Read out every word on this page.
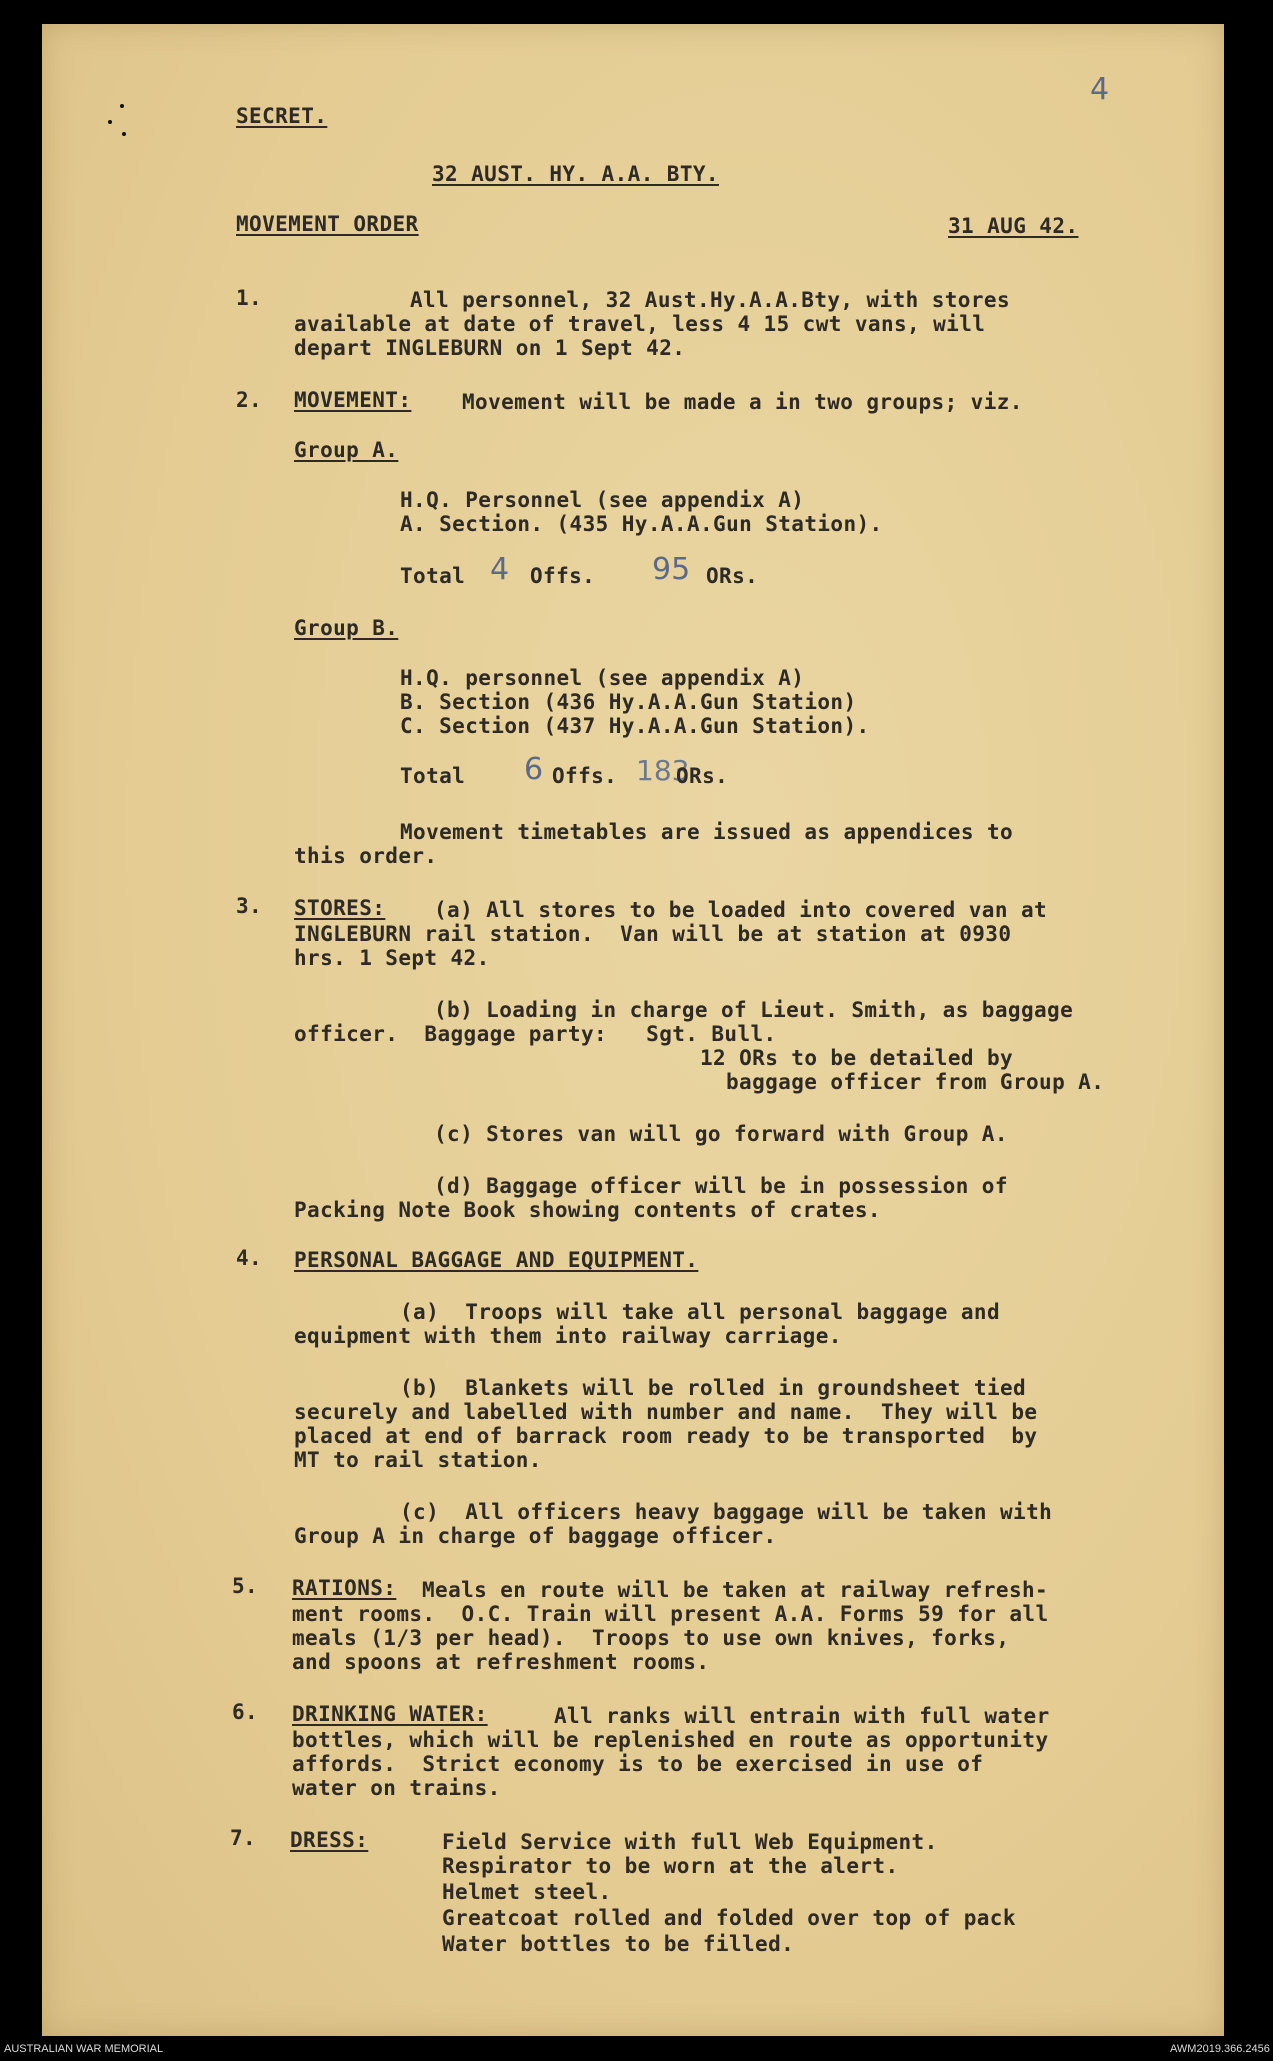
4
SECRET.
32 AUST. HY. A.A. BTY.
MOVEMENT ORDER	31 AUG 42.
1.	All personnel, 32 Aust.Hy.A.A.Bty, with stores
available at date of travel, less 4 15 cwt vans, will
depart INGLEBURN on 1 Sept 42.
2. MOVEMENT: Movement will be made a in two groups; viz.
Group A.
H.Q. Personnel (see appendix A)
A. Section. (435 Hy.A.A.Gun Station).
Total 4 Offs. 95 ORs.
Group B.
H.Q. personnel (see appendix A)
B. Section (436 Hy.A.A.Gun Station)
C. Section (437 Hy.A.A.Gun Station).
Total 6 Offs. 183
ORs.
Movement timetables are issued as appendices to
this order.
3. STORES: (a) All stores to be loaded into covered van at
INGLEBURN rail station.  Van will be at station at 0930
hrs. 1 Sept 42.
(b) Loading in charge of Lieut. Smith, as baggage
officer.  Baggage party:   Sgt. Bull.
12 ORs to be detailed by
baggage officer from Group A.
(c) Stores van will go forward with Group A.
(d) Baggage officer will be in possession of
Packing Note Book showing contents of crates.
4. PERSONAL BAGGAGE AND EQUIPMENT.
(a)  Troops will take all personal baggage and
equipment with them into railway carriage.
(b)  Blankets will be rolled in groundsheet tied
securely and labelled with number and name.  They will be
placed at end of barrack room ready to be transported  by
MT to rail station.
(c)  All officers heavy baggage will be taken with
Group A in charge of baggage officer.
5. RATIONS: Meals en route will be taken at railway refresh-
ment rooms.  O.C. Train will present A.A. Forms 59 for all
meals (1/3 per head).  Troops to use own knives, forks,
and spoons at refreshment rooms.
6. DRINKING WATER:	All ranks will entrain with full water
bottles, which will be replenished en route as opportunity
affords.  Strict economy is to be exercised in use of
water on trains.
7. DRESS:	Field Service with full Web Equipment.
Respirator to be worn at the alert.
Helmet steel.
Greatcoat rolled and folded over top of pack
Water bottles to be filled.
AUSTRALIAN WAR MEMORIAL	AWM2019.366.2456
